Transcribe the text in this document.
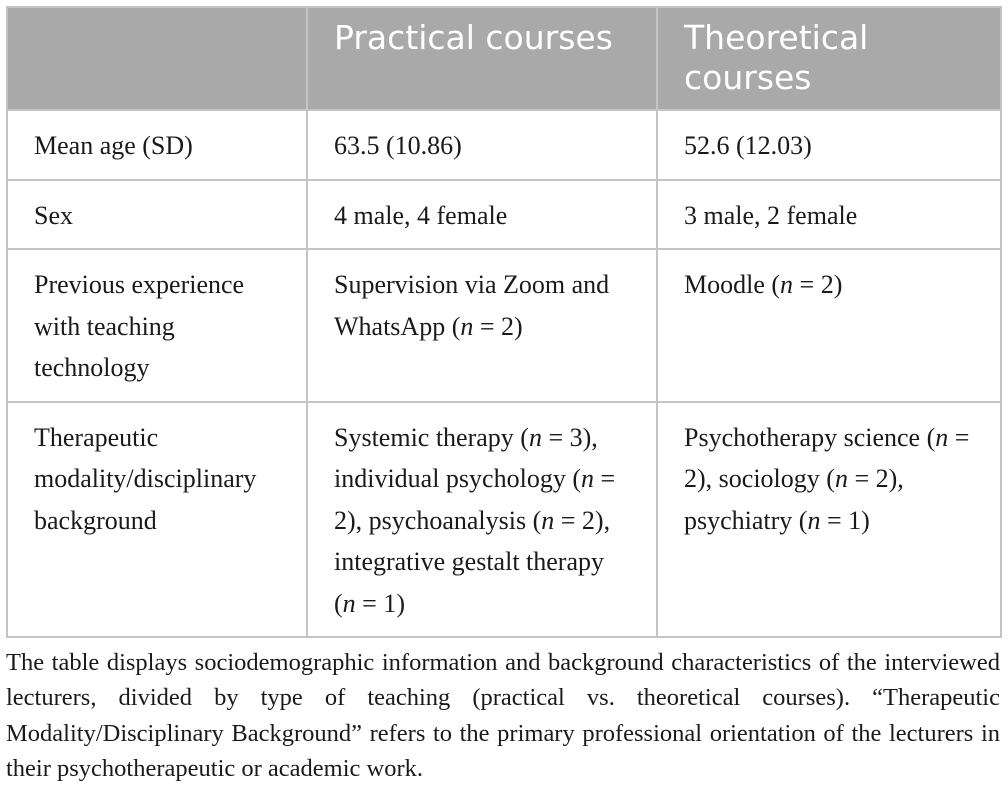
	Practical courses	Theoretical courses
Mean age (SD)	63.5 (10.86)	52.6 (12.03)
Sex	4 male, 4 female	3 male, 2 female
Previous experience with teaching technology	Supervision via Zoom and WhatsApp (n = 2)	Moodle (n = 2)
Therapeutic modality/disciplinary background	Systemic therapy (n = 3), individual psychology (n = 2), psychoanalysis (n = 2), integrative gestalt therapy (n = 1)	Psychotherapy science (n = 2), sociology (n = 2), psychiatry (n = 1)

The table displays sociodemographic information and background characteristics of the interviewed lecturers, divided by type of teaching (practical vs. theoretical courses). “Therapeutic Modality/Disciplinary Background” refers to the primary professional orientation of the lecturers in their psychotherapeutic or academic work.
